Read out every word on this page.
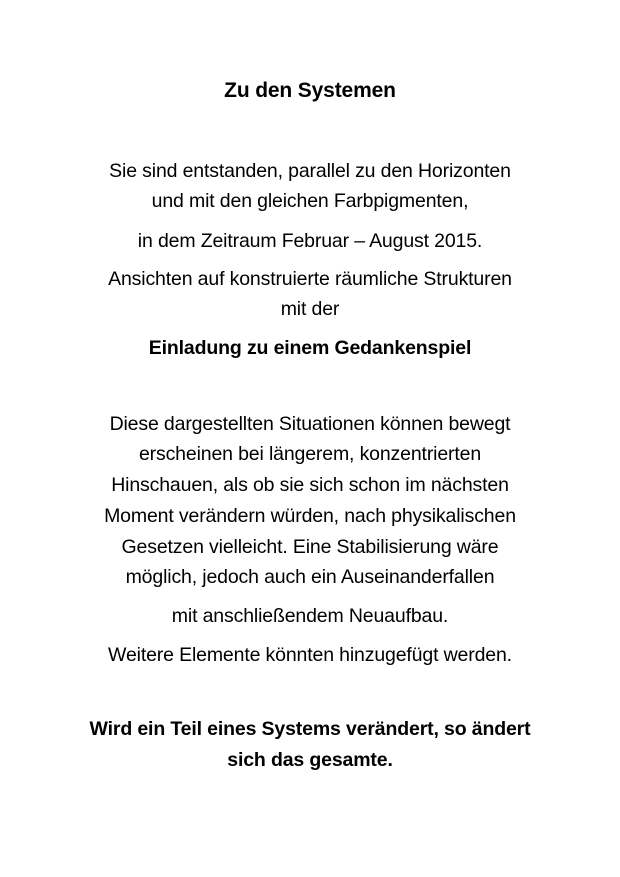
Zu den Systemen
Sie sind entstanden, parallel zu den Horizonten
und mit den gleichen Farbpigmenten,
in dem Zeitraum Februar – August 2015.
Ansichten auf konstruierte räumliche Strukturen
mit der
Einladung zu einem Gedankenspiel
Diese dargestellten Situationen können bewegt
erscheinen bei längerem, konzentrierten
Hinschauen, als ob sie sich schon im nächsten
Moment verändern würden, nach physikalischen
Gesetzen vielleicht. Eine Stabilisierung wäre
möglich, jedoch auch ein Auseinanderfallen
mit anschließendem Neuaufbau.
Weitere Elemente könnten hinzugefügt werden.
Wird ein Teil eines Systems verändert, so ändert
sich das gesamte.
